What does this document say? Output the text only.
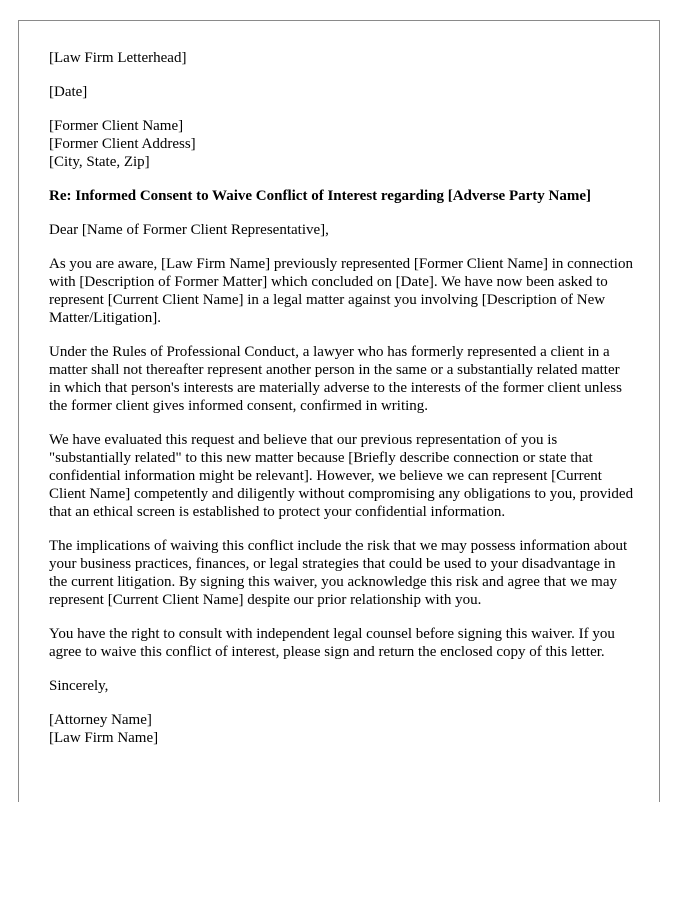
[Law Firm Letterhead]

[Date]

[Former Client Name]
[Former Client Address]
[City, State, Zip]

Re: Informed Consent to Waive Conflict of Interest regarding [Adverse Party Name]

Dear [Name of Former Client Representative],

As you are aware, [Law Firm Name] previously represented [Former Client Name] in connection with [Description of Former Matter] which concluded on [Date]. We have now been asked to represent [Current Client Name] in a legal matter against you involving [Description of New Matter/Litigation].

Under the Rules of Professional Conduct, a lawyer who has formerly represented a client in a matter shall not thereafter represent another person in the same or a substantially related matter in which that person's interests are materially adverse to the interests of the former client unless the former client gives informed consent, confirmed in writing.

We have evaluated this request and believe that our previous representation of you is "substantially related" to this new matter because [Briefly describe connection or state that confidential information might be relevant]. However, we believe we can represent [Current Client Name] competently and diligently without compromising any obligations to you, provided that an ethical screen is established to protect your confidential information.

The implications of waiving this conflict include the risk that we may possess information about your business practices, finances, or legal strategies that could be used to your disadvantage in the current litigation. By signing this waiver, you acknowledge this risk and agree that we may represent [Current Client Name] despite our prior relationship with you.

You have the right to consult with independent legal counsel before signing this waiver. If you agree to waive this conflict of interest, please sign and return the enclosed copy of this letter.

Sincerely,

[Attorney Name]
[Law Firm Name]
